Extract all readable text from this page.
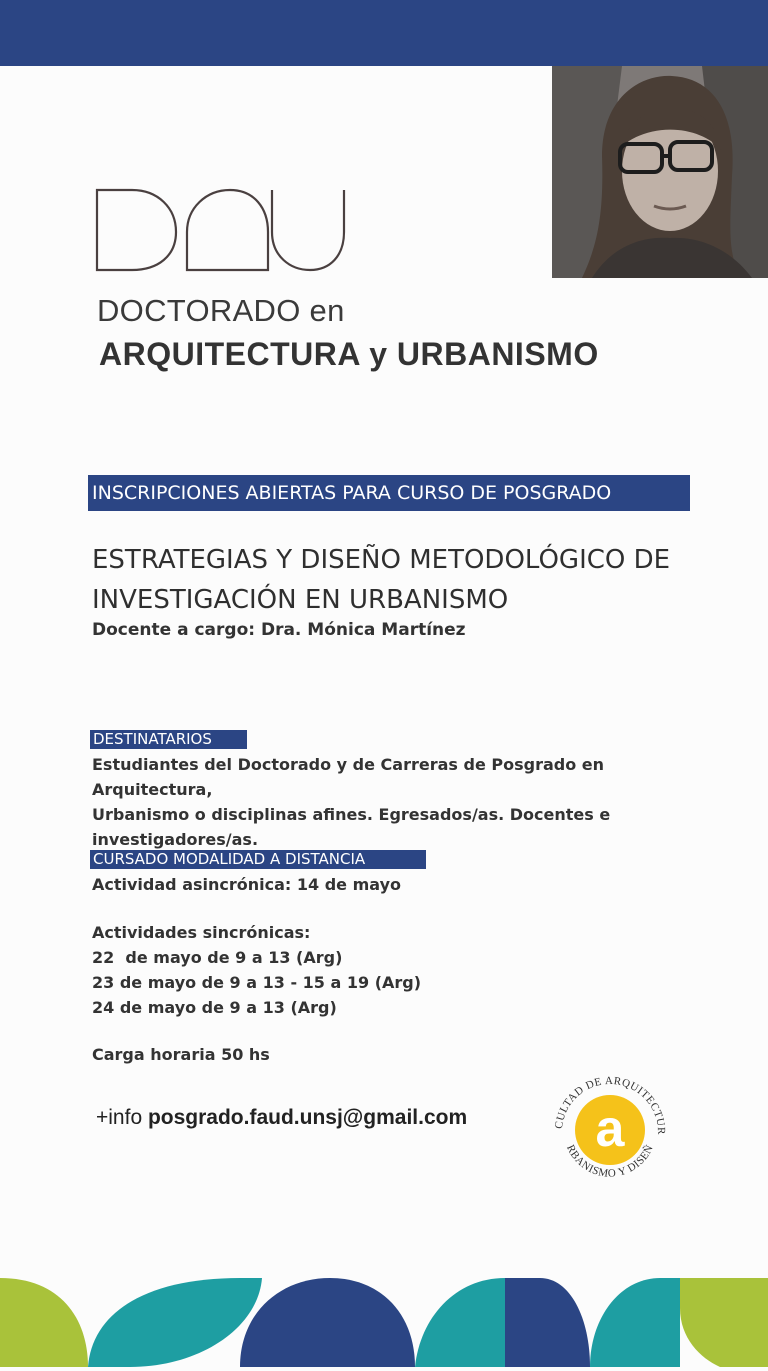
DOCTORADO en
ARQUITECTURA y URBANISMO
INSCRIPCIONES ABIERTAS PARA CURSO DE POSGRADO
ESTRATEGIAS Y DISEÑO METODOLÓGICO DE
INVESTIGACIÓN EN URBANISMO
Docente a cargo: Dra. Mónica Martínez
DESTINATARIOS
Estudiantes del Doctorado y de Carreras de Posgrado en Arquitectura,
Urbanismo o disciplinas afines. Egresados/as. Docentes e
investigadores/as.
CURSADO MODALIDAD A DISTANCIA
Actividad asincrónica: 14 de mayo
Actividades sincrónicas:
22  de mayo de 9 a 13 (Arg)
23 de mayo de 9 a 13 - 15 a 19 (Arg)
24 de mayo de 9 a 13 (Arg)
Carga horaria 50 hs
+info posgrado.faud.unsj@gmail.com a
CULTAD DE ARQUITECTUR
RBANISMO Y DISEÑ
